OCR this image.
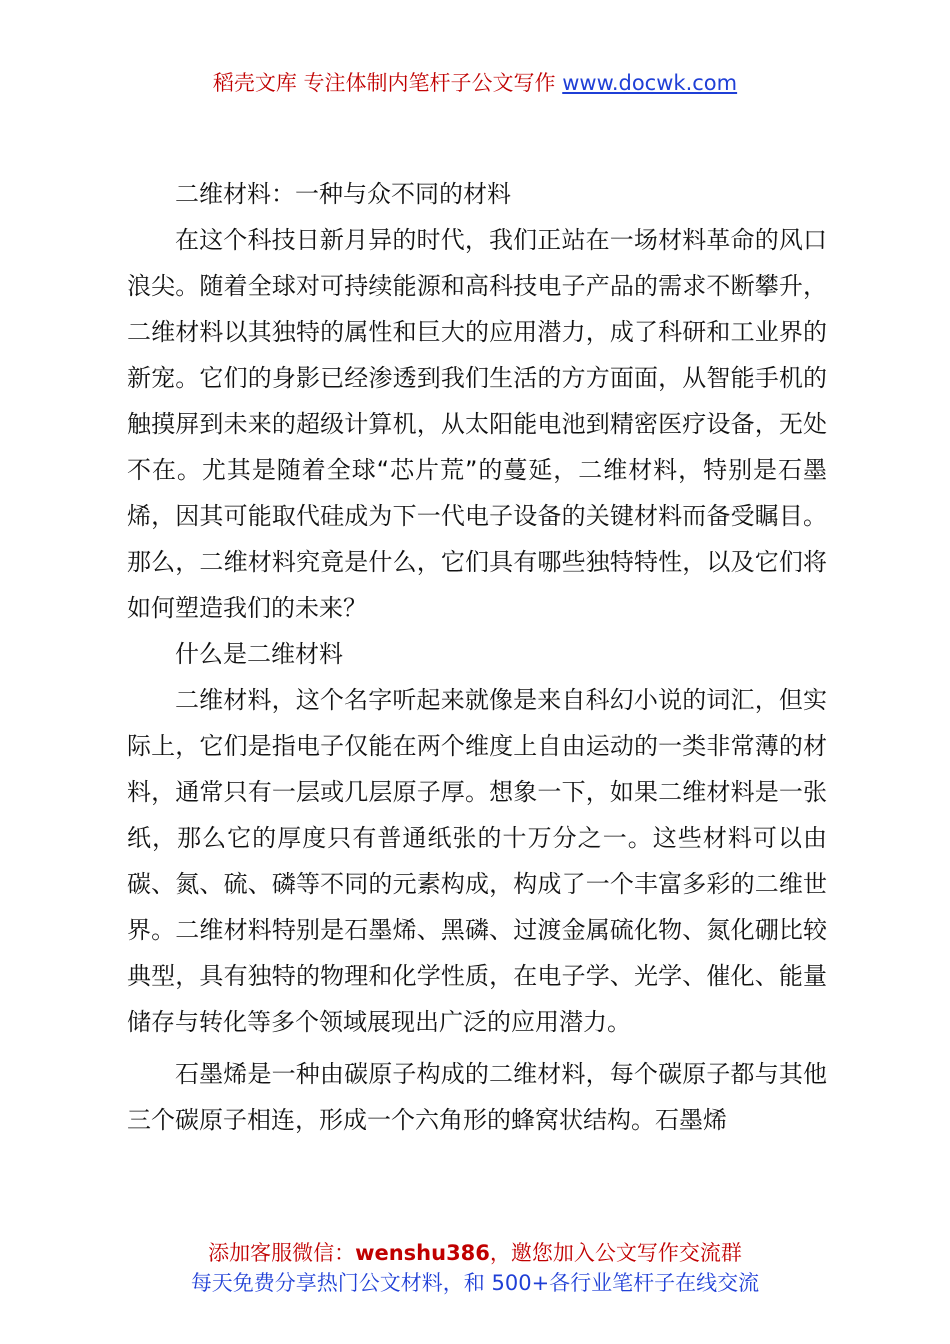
稻壳文库 专注体制内笔杆子公文写作 www.docwk.com

二维材料：一种与众不同的材料

在这个科技日新月异的时代，我们正站在一场材料革命的风口浪尖。随着全球对可持续能源和高科技电子产品的需求不断攀升，二维材料以其独特的属性和巨大的应用潜力，成了科研和工业界的新宠。它们的身影已经渗透到我们生活的方方面面，从智能手机的触摸屏到未来的超级计算机，从太阳能电池到精密医疗设备，无处不在。尤其是随着全球“芯片荒”的蔓延，二维材料，特别是石墨烯，因其可能取代硅成为下一代电子设备的关键材料而备受瞩目。那么，二维材料究竟是什么，它们具有哪些独特特性，以及它们将如何塑造我们的未来？

什么是二维材料

二维材料，这个名字听起来就像是来自科幻小说的词汇，但实际上，它们是指电子仅能在两个维度上自由运动的一类非常薄的材料，通常只有一层或几层原子厚。想象一下，如果二维材料是一张纸，那么它的厚度只有普通纸张的十万分之一。这些材料可以由碳、氮、硫、磷等不同的元素构成，构成了一个丰富多彩的二维世界。二维材料特别是石墨烯、黑磷、过渡金属硫化物、氮化硼比较典型，具有独特的物理和化学性质，在电子学、光学、催化、能量储存与转化等多个领域展现出广泛的应用潜力。

石墨烯是一种由碳原子构成的二维材料，每个碳原子都与其他三个碳原子相连，形成一个六角形的蜂窝状结构。石墨烯

添加客服微信：wenshu386，邀您加入公文写作交流群
每天免费分享热门公文材料，和 500+各行业笔杆子在线交流
